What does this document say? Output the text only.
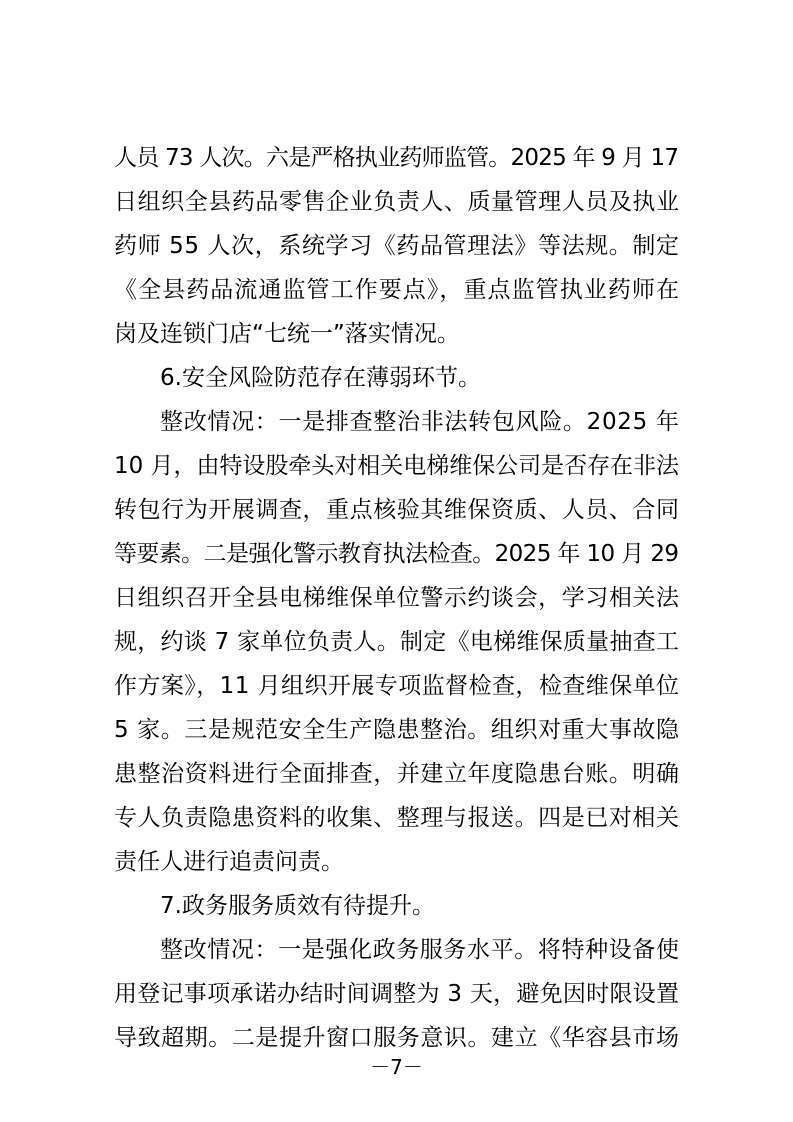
人员 73 人次。六是严格执业药师监管。2025 年 9 月 17
日组织全县药品零售企业负责人、质量管理人员及执业
药师 55 人次，系统学习《药品管理法》等法规。制定
《全县药品流通监管工作要点》，重点监管执业药师在
岗及连锁门店“七统一”落实情况。
6.安全风险防范存在薄弱环节。
整改情况：一是排查整治非法转包风险。2025 年
10 月，由特设股牵头对相关电梯维保公司是否存在非法
转包行为开展调查，重点核验其维保资质、人员、合同
等要素。二是强化警示教育执法检查。2025 年 10 月 29
日组织召开全县电梯维保单位警示约谈会，学习相关法
规，约谈 7 家单位负责人。制定《电梯维保质量抽查工
作方案》，11 月组织开展专项监督检查，检查维保单位
5 家。三是规范安全生产隐患整治。组织对重大事故隐
患整治资料进行全面排查，并建立年度隐患台账。明确
专人负责隐患资料的收集、整理与报送。四是已对相关
责任人进行追责问责。
7.政务服务质效有待提升。
整改情况：一是强化政务服务水平。将特种设备使
用登记事项承诺办结时间调整为 3 天，避免因时限设置
导致超期。二是提升窗口服务意识。建立《华容县市场
－7－
